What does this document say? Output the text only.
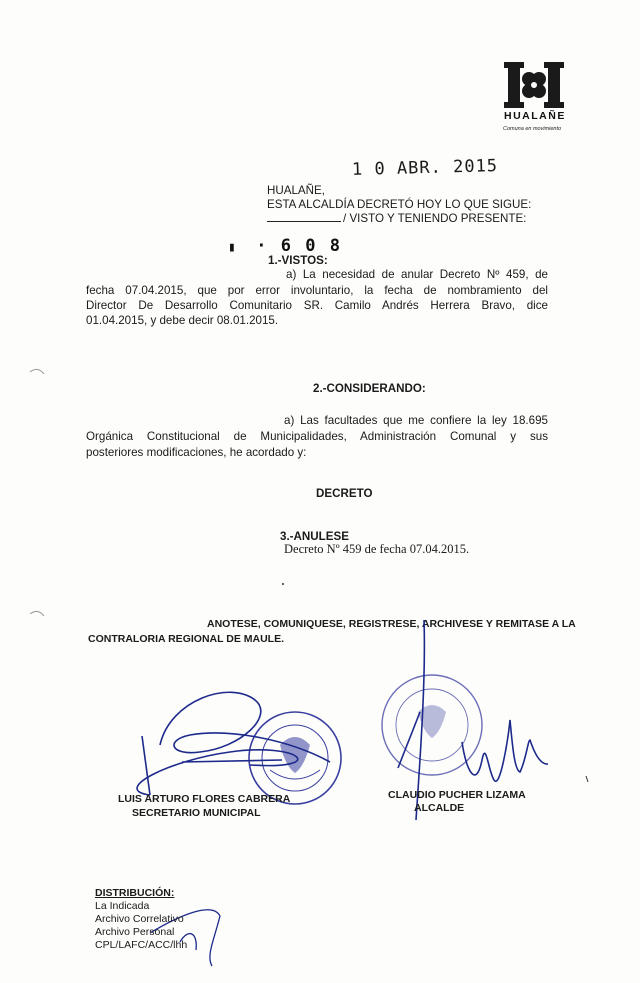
HUALAÑE
Comuna en movimiento
1 0 ABR. 2015
HUALAÑE,
ESTA ALCALDÍA DECRETÓ HOY LO QUE SIGUE:
/ VISTO Y TENIENDO PRESENTE:
▮ · 6 0 8
1.-VISTOS:
a) La necesidad de anular Decreto Nº 459, de
fecha 07.04.2015, que por error involuntario, la fecha de nombramiento del
Director De Desarrollo Comunitario SR. Camilo Andrés Herrera Bravo, dice
01.04.2015, y debe decir 08.01.2015.
2.-CONSIDERANDO:
a) Las facultades que me confiere la ley 18.695
Orgánica Constitucional de Municipalidades, Administración Comunal y sus
posteriores modificaciones, he acordado y:
DECRETO
3.-ANULESE
Decreto Nº 459 de fecha 07.04.2015.
ANOTESE, COMUNIQUESE, REGISTRESE, ARCHIVESE Y REMITASE A LA
CONTRALORIA REGIONAL DE MAULE.
LUIS ARTURO FLORES CABRERA
SECRETARIO MUNICIPAL
CLAUDIO PUCHER LIZAMA
ALCALDE
DISTRIBUCIÓN:
La Indicada
Archivo Correlativo
Archivo Personal
CPL/LAFC/ACC/lhh
